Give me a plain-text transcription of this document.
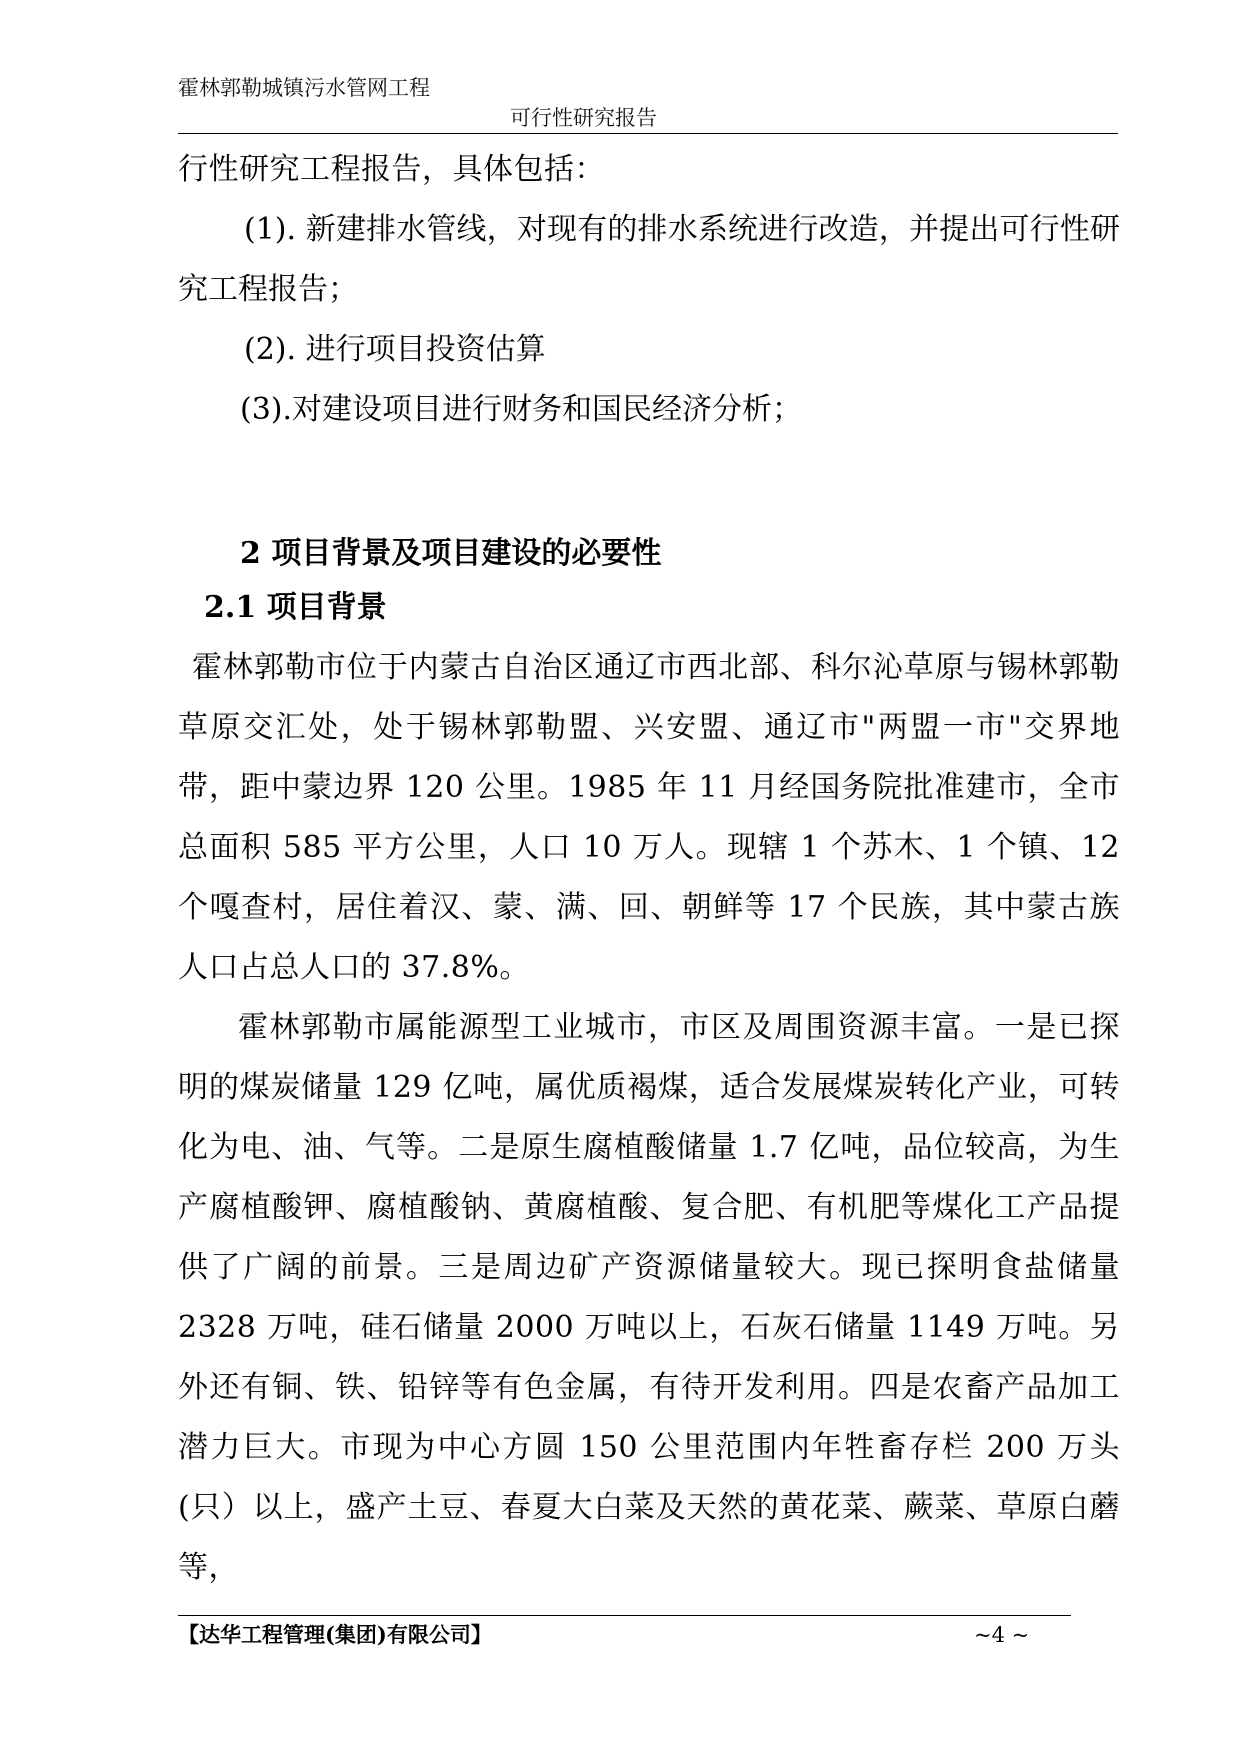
霍林郭勒城镇污水管网工程
可行性研究报告

行性研究工程报告，具体包括：

(1). 新建排水管线，对现有的排水系统进行改造，并提出可行性研究工程报告；

(2). 进行项目投资估算

(3).对建设项目进行财务和国民经济分析；

2 项目背景及项目建设的必要性

2.1 项目背景

霍林郭勒市位于内蒙古自治区通辽市西北部、科尔沁草原与锡林郭勒草原交汇处，处于锡林郭勒盟、兴安盟、通辽市"两盟一市"交界地带，距中蒙边界 120 公里。1985 年 11 月经国务院批准建市，全市总面积 585 平方公里，人口 10 万人。现辖 1 个苏木、1 个镇、12 个嘎查村，居住着汉、蒙、满、回、朝鲜等 17 个民族，其中蒙古族人口占总人口的 37.8%。

霍林郭勒市属能源型工业城市，市区及周围资源丰富。一是已探明的煤炭储量 129 亿吨，属优质褐煤，适合发展煤炭转化产业，可转化为电、油、气等。二是原生腐植酸储量 1.7 亿吨，品位较高，为生产腐植酸钾、腐植酸钠、黄腐植酸、复合肥、有机肥等煤化工产品提供了广阔的前景。三是周边矿产资源储量较大。现已探明食盐储量 2328 万吨，硅石储量 2000 万吨以上，石灰石储量 1149 万吨。另外还有铜、铁、铅锌等有色金属，有待开发利用。四是农畜产品加工潜力巨大。市现为中心方圆 150 公里范围内年牲畜存栏 200 万头(只）以上，盛产土豆、春夏大白菜及天然的黄花菜、蕨菜、草原白蘑等，

【达华工程管理(集团)有限公司】	~4 ~
